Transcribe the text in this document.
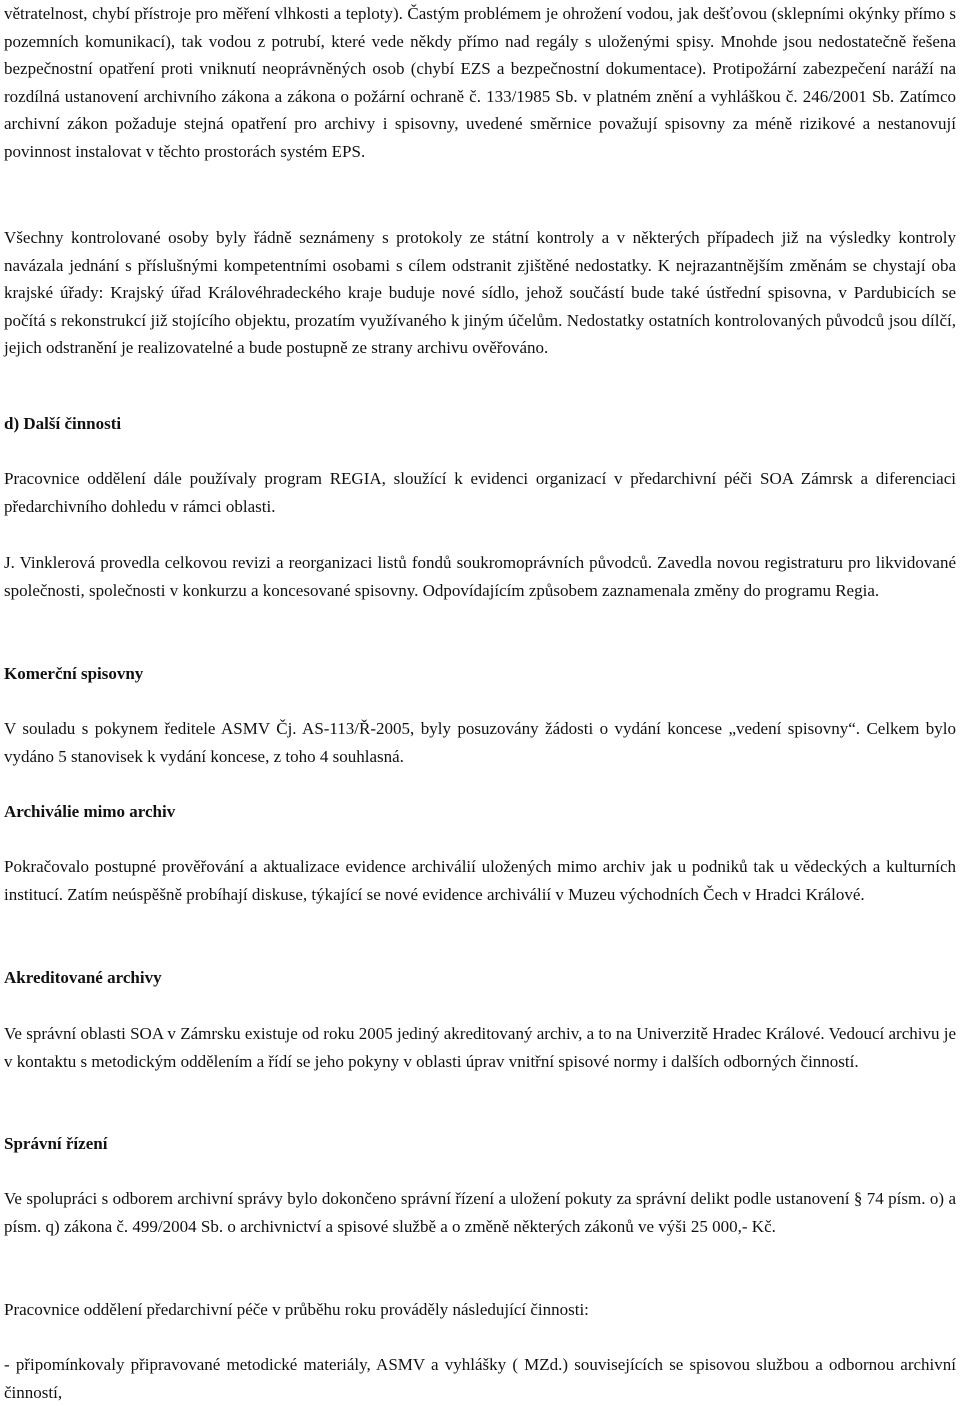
větratelnost, chybí přístroje pro měření vlhkosti a teploty). Častým problémem je ohrožení vodou, jak dešťovou (sklepními okýnky přímo s pozemních komunikací), tak vodou z potrubí, které vede někdy přímo nad regály s uloženými spisy. Mnohde jsou nedostatečně řešena bezpečnostní opatření proti vniknutí neoprávněných osob (chybí EZS a bezpečnostní dokumentace). Protipožární zabezpečení naráží na rozdílná ustanovení archivního zákona a zákona o požární ochraně č. 133/1985 Sb. v platném znění a vyhláškou č. 246/2001 Sb. Zatímco archivní zákon požaduje stejná opatření pro archivy i spisovny, uvedené směrnice považují spisovny za méně rizikové a nestanovují povinnost instalovat v těchto prostorách systém EPS.

Všechny kontrolované osoby byly řádně seznámeny s protokoly ze státní kontroly a v některých případech již na výsledky kontroly navázala jednání s příslušnými kompetentními osobami s cílem odstranit zjištěné nedostatky. K nejrazantnějším změnám se chystají oba krajské úřady: Krajský úřad Královéhradeckého kraje buduje nové sídlo, jehož součástí bude také ústřední spisovna, v Pardubicích se počítá s rekonstrukcí již stojícího objektu, prozatím využívaného k jiným účelům. Nedostatky ostatních kontrolovaných původců jsou dílčí, jejich odstranění je realizovatelné a bude postupně ze strany archivu ověřováno.

d) Další činnosti

Pracovnice oddělení dále používaly program REGIA, sloužící k evidenci organizací v předarchivní péči SOA Zámrsk a diferenciaci předarchivního dohledu v rámci oblasti.

J. Vinklerová provedla celkovou revizi a reorganizaci listů fondů soukromoprávních původců. Zavedla novou registraturu pro likvidované společnosti, společnosti v konkurzu a koncesované spisovny. Odpovídajícím způsobem zaznamenala změny do programu Regia.

Komerční spisovny

V souladu s pokynem ředitele ASMV Čj. AS-113/Ř-2005, byly posuzovány žádosti o vydání koncese „vedení spisovny“. Celkem bylo vydáno 5 stanovisek k vydání koncese, z toho 4 souhlasná.

Archiválie mimo archiv

Pokračovalo postupné prověřování a aktualizace evidence archiválií uložených mimo archiv jak u podniků tak u vědeckých a kulturních institucí. Zatím neúspěšně probíhají diskuse, týkající se nové evidence archiválií v Muzeu východních Čech v Hradci Králové.

Akreditované archivy

Ve správní oblasti SOA v Zámrsku existuje od roku 2005 jediný akreditovaný archiv, a to na Univerzitě Hradec Králové. Vedoucí archivu je v kontaktu s metodickým oddělením a řídí se jeho pokyny v oblasti úprav vnitřní spisové normy i dalších odborných činností.

Správní řízení

Ve spolupráci s odborem archivní správy bylo dokončeno správní řízení a uložení pokuty za správní delikt podle ustanovení § 74 písm. o) a písm. q) zákona č. 499/2004 Sb. o archivnictví a spisové službě a o změně některých zákonů ve výši 25 000,- Kč.

Pracovnice oddělení předarchivní péče v průběhu roku prováděly následující činnosti:

- připomínkovaly připravované metodické materiály, ASMV a vyhlášky ( MZd.) souvisejících se spisovou službou a odbornou archivní činností,
